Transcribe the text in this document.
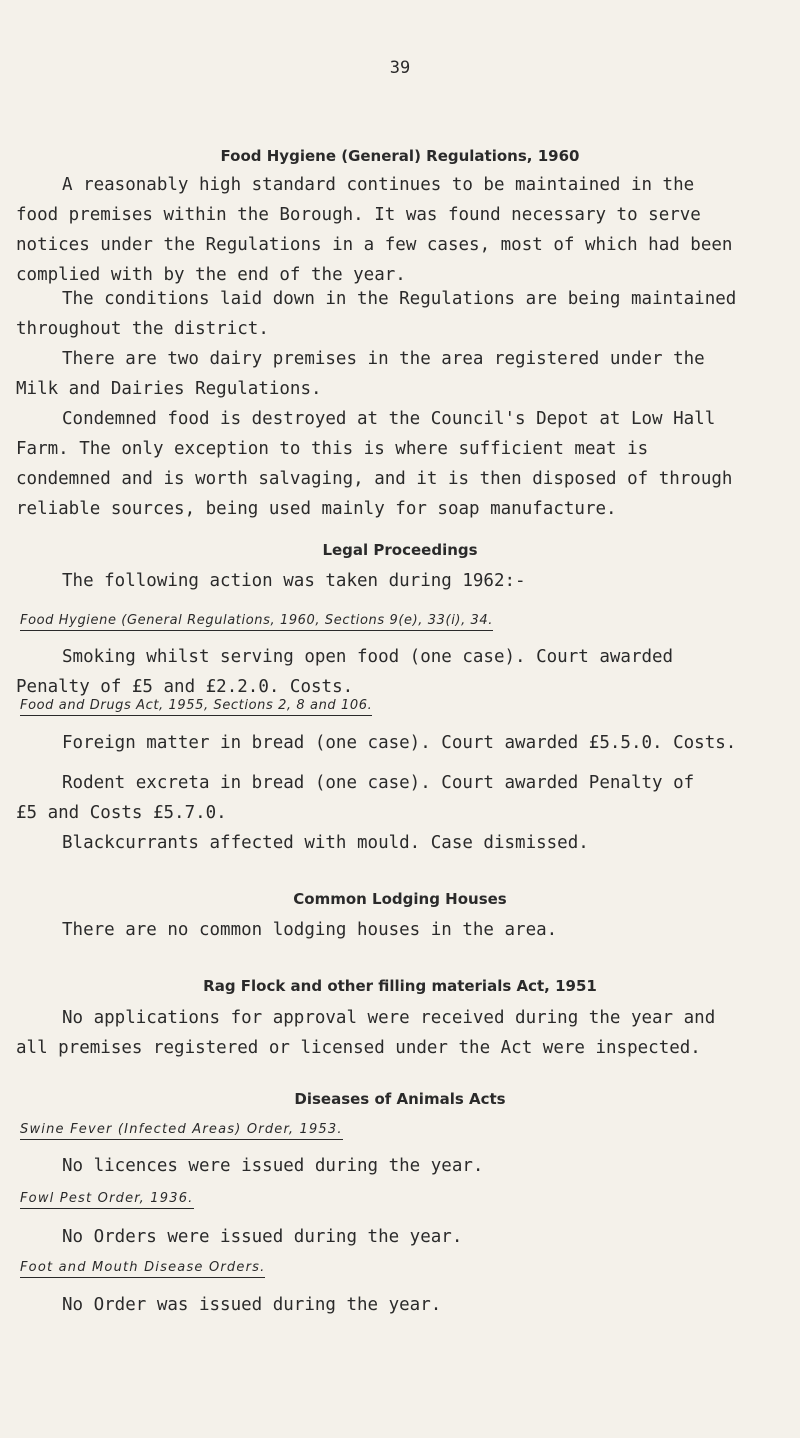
39
Food Hygiene (General) Regulations, 1960
A reasonably high standard continues to be maintained in the
food premises within the Borough. It was found necessary to serve
notices under the Regulations in a few cases, most of which had been
complied with by the end of the year.
The conditions laid down in the Regulations are being maintained
throughout the district.
There are two dairy premises in the area registered under the
Milk and Dairies Regulations.
Condemned food is destroyed at the Council's Depot at Low Hall
Farm. The only exception to this is where sufficient meat is
condemned and is worth salvaging, and it is then disposed of through
reliable sources, being used mainly for soap manufacture.
Legal Proceedings
The following action was taken during 1962:-
Food Hygiene (General Regulations, 1960, Sections 9(e), 33(i), 34.
Smoking whilst serving open food (one case). Court awarded
Penalty of £5 and £2.2.0. Costs.
Food and Drugs Act, 1955, Sections 2, 8 and 106.
Foreign matter in bread (one case). Court awarded £5.5.0. Costs.
Rodent excreta in bread (one case). Court awarded Penalty of
£5 and Costs £5.7.0.
Blackcurrants affected with mould. Case dismissed.
Common Lodging Houses
There are no common lodging houses in the area.
Rag Flock and other filling materials Act, 1951
No applications for approval were received during the year and
all premises registered or licensed under the Act were inspected.
Diseases of Animals Acts
Swine Fever (Infected Areas) Order, 1953.
No licences were issued during the year.
Fowl Pest Order, 1936.
No Orders were issued during the year.
Foot and Mouth Disease Orders.
No Order was issued during the year.
